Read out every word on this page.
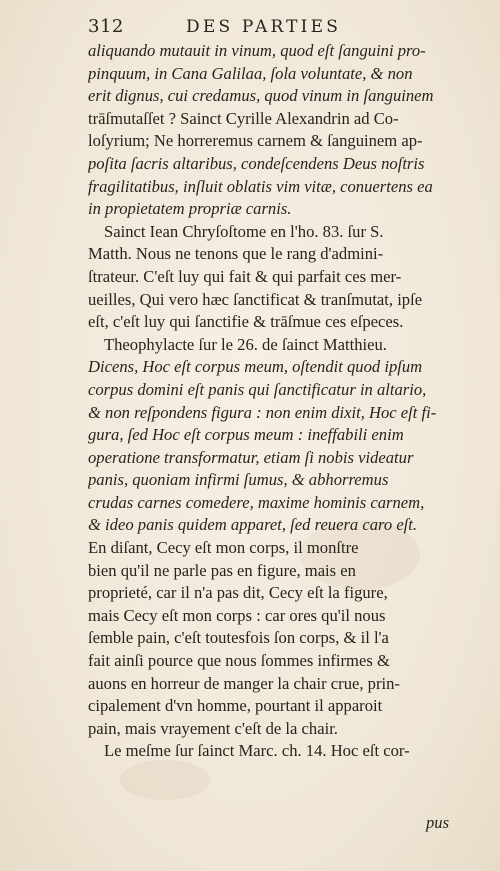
312	DES PARTIES
aliquando mutauit in vinum, quod eſt ſanguini pro-
pinquum, in Cana Galilaa, ſola voluntate, & non
erit dignus, cui credamus, quod vinum in ſanguinem
trāſmutaſſet ? Sainct Cyrille Alexandrin ad Co-
loſyrium; Ne horreremus carnem & ſanguinem ap-
poſita ſacris altaribus, condeſcendens Deus noſtris
fragilitatibus, inſluit oblatis vim vitæ, conuertens ea
in propietatem propriæ carnis.
Sainct Iean Chryſoſtome en l'ho. 83. ſur S.
Matth. Nous ne tenons que le rang d'admini-
ſtrateur. C'eſt luy qui fait & qui parfait ces mer-
ueilles, Qui vero hæc ſanctificat & tranſmutat, ipſe
eſt, c'eſt luy qui ſanctifie & trāſmue ces eſpeces.
Theophylacte ſur le 26. de ſainct Matthieu.
Dicens, Hoc eſt corpus meum, oſtendit quod ipſum
corpus domini eſt panis qui ſanctificatur in altario,
& non reſpondens figura : non enim dixit, Hoc eſt fi-
gura, ſed Hoc eſt corpus meum : ineffabili enim
operatione transformatur, etiam ſi nobis videatur
panis, quoniam infirmi ſumus, & abhorremus
crudas carnes comedere, maxime hominis carnem,
& ideo panis quidem apparet, ſed reuera caro eſt.
En diſant, Cecy eſt mon corps, il monſtre
bien qu'il ne parle pas en figure, mais en
proprieté, car il n'a pas dit, Cecy eſt la figure,
mais Cecy eſt mon corps : car ores qu'il nous
ſemble pain, c'eſt toutesfois ſon corps, & il l'a
fait ainſi pource que nous ſommes infirmes &
auons en horreur de manger la chair crue, prin-
cipalement d'vn homme, pourtant il apparoit
pain, mais vrayement c'eſt de la chair.
Le meſme ſur ſainct Marc. ch. 14. Hoc eſt cor-
pus
